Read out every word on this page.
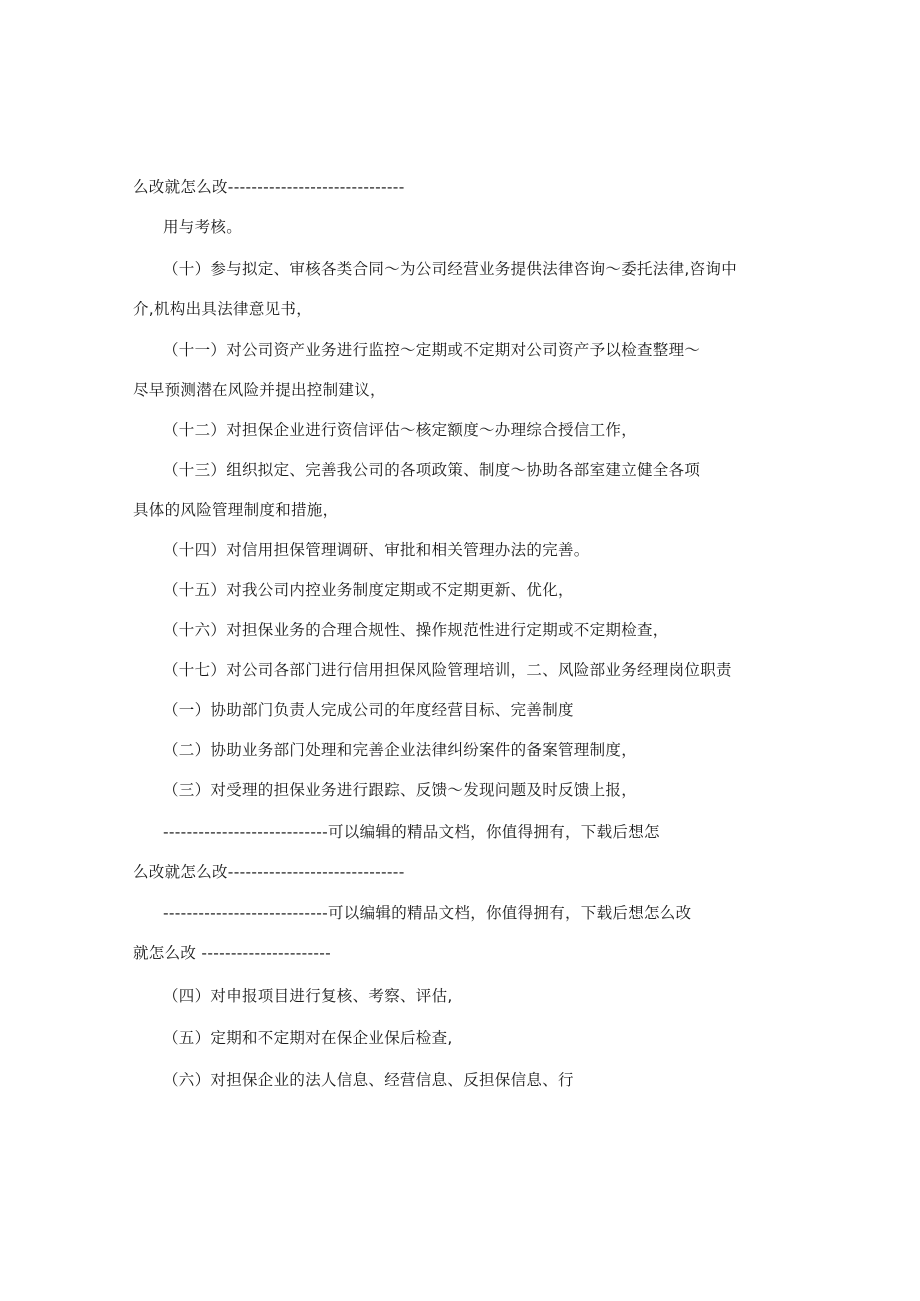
么改就怎么改------------------------------
用与考核。
（十）参与拟定、审核各类合同～为公司经营业务提供法律咨询～委托法律,咨询中
介,机构出具法律意见书，
（十一）对公司资产业务进行监控～定期或不定期对公司资产予以检查整理～
尽早预测潜在风险并提出控制建议，
（十二）对担保企业进行资信评估～核定额度～办理综合授信工作，
（十三）组织拟定、完善我公司的各项政策、制度～协助各部室建立健全各项
具体的风险管理制度和措施，
（十四）对信用担保管理调研、审批和相关管理办法的完善。
（十五）对我公司内控业务制度定期或不定期更新、优化，
（十六）对担保业务的合理合规性、操作规范性进行定期或不定期检查，
（十七）对公司各部门进行信用担保风险管理培训，二、风险部业务经理岗位职责
（一）协助部门负责人完成公司的年度经营目标、完善制度
（二）协助业务部门处理和完善企业法律纠纷案件的备案管理制度，
（三）对受理的担保业务进行跟踪、反馈～发现问题及时反馈上报，
----------------------------可以编辑的精品文档，你值得拥有，下载后想怎
么改就怎么改------------------------------
----------------------------可以编辑的精品文档，你值得拥有，下载后想怎么改
就怎么改 ----------------------
（四）对申报项目进行复核、考察、评估,
（五）定期和不定期对在保企业保后检查,
（六）对担保企业的法人信息、经营信息、反担保信息、行
